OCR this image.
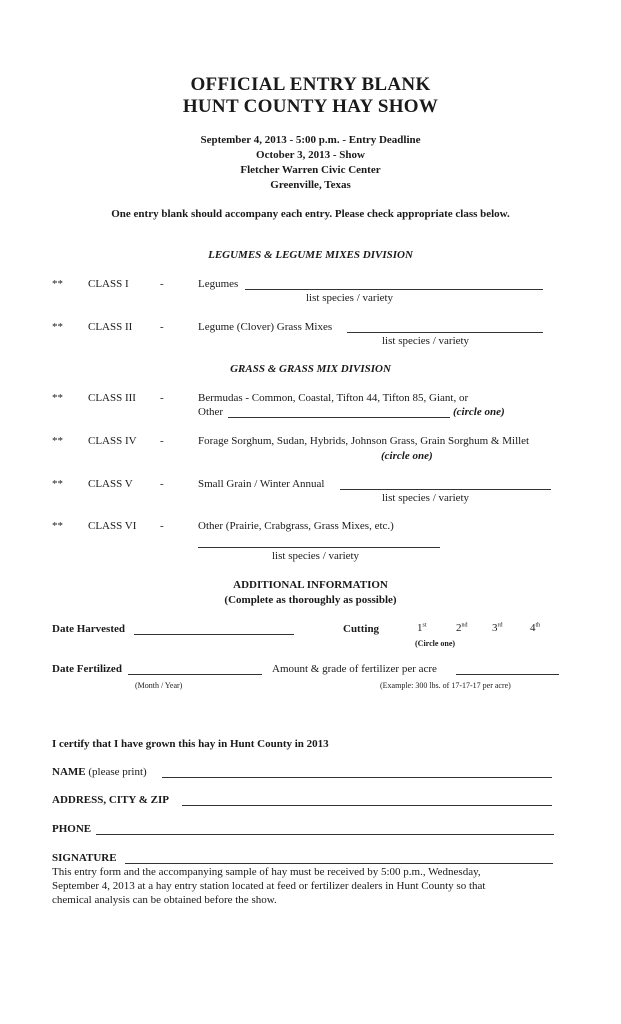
OFFICIAL ENTRY BLANK
HUNT COUNTY HAY SHOW
September 4, 2013 - 5:00 p.m. - Entry Deadline
October 3, 2013 - Show
Fletcher Warren Civic Center
Greenville, Texas
One entry blank should accompany each entry. Please check appropriate class below.
LEGUMES & LEGUME MIXES DIVISION
** CLASS I	-	Legumes
list species / variety
** CLASS II	-	Legume (Clover) Grass Mixes
list species / variety
GRASS & GRASS MIX DIVISION
** CLASS III -	Bermudas - Common, Coastal, Tifton 44, Tifton 85, Giant, or
Other	(circle one)
** CLASS IV -	Forage Sorghum, Sudan, Hybrids, Johnson Grass, Grain Sorghum & Millet
(circle one)
** CLASS V -	Small Grain / Winter Annual
list species / variety
** CLASS VI -	Other (Prairie, Crabgrass, Grass Mixes, etc.)
list species / variety
ADDITIONAL INFORMATION
(Complete as thoroughly as possible)
Date Harvested	Cutting	1st	2nd 3rd	4th
(Circle one)
Date Fertilized
(Month / Year)
Amount & grade of fertilizer per acre
(Example: 300 lbs. of 17-17-17 per acre)
I certify that I have grown this hay in Hunt County in 2013
NAME (please print)
ADDRESS, CITY & ZIP
PHONE
SIGNATURE
This entry form and the accompanying sample of hay must be received by 5:00 p.m., Wednesday,
September 4, 2013 at a hay entry station located at feed or fertilizer dealers in Hunt County so that
chemical analysis can be obtained before the show.
